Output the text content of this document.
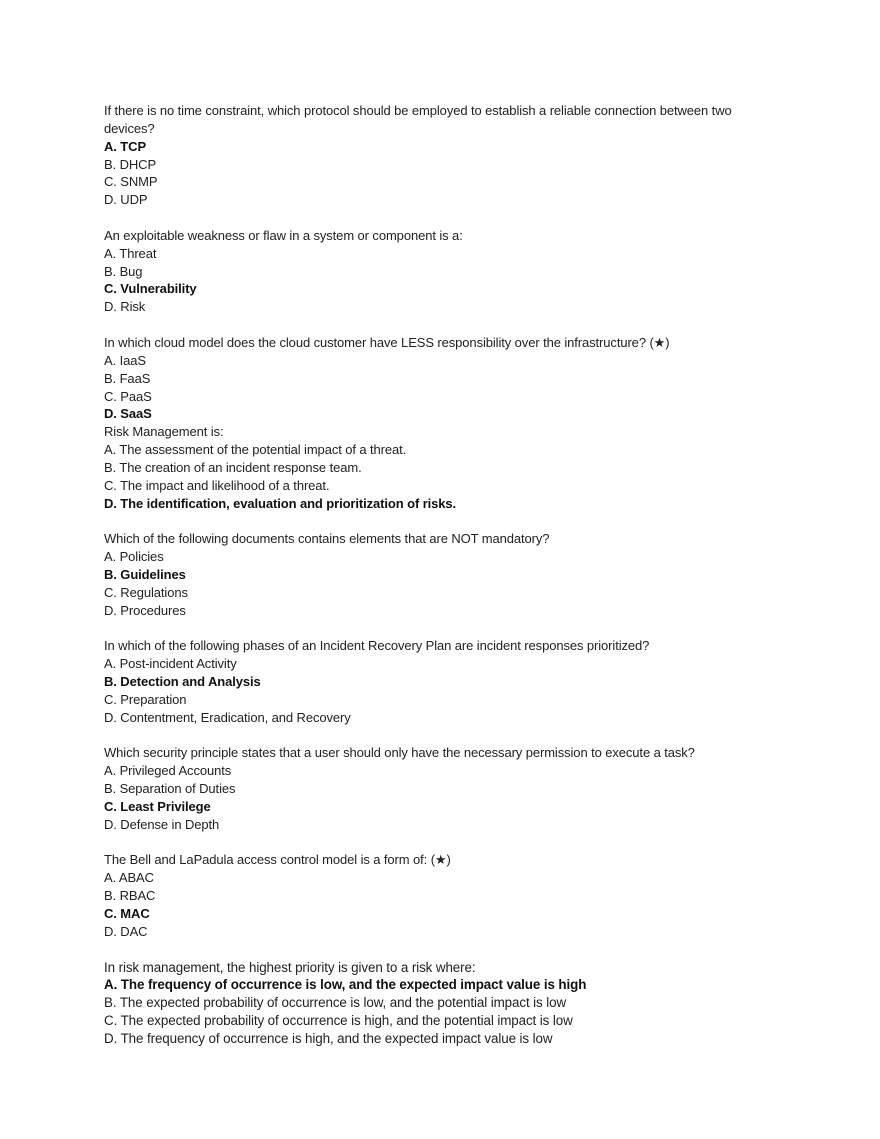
If there is no time constraint, which protocol should be employed to establish a reliable connection between two devices?
A. TCP
B. DHCP
C. SNMP
D. UDP
An exploitable weakness or flaw in a system or component is a:
A. Threat
B. Bug
C. Vulnerability
D. Risk
In which cloud model does the cloud customer have LESS responsibility over the infrastructure? (★)
A. IaaS
B. FaaS
C. PaaS
D. SaaS
Risk Management is:
A. The assessment of the potential impact of a threat.
B. The creation of an incident response team.
C. The impact and likelihood of a threat.
D. The identification, evaluation and prioritization of risks.
Which of the following documents contains elements that are NOT mandatory?
A. Policies
B. Guidelines
C. Regulations
D. Procedures
In which of the following phases of an Incident Recovery Plan are incident responses prioritized?
A. Post-incident Activity
B. Detection and Analysis
C. Preparation
D. Contentment, Eradication, and Recovery
Which security principle states that a user should only have the necessary permission to execute a task?
A. Privileged Accounts
B. Separation of Duties
C. Least Privilege
D. Defense in Depth
The Bell and LaPadula access control model is a form of: (★)
A. ABAC
B. RBAC
C. MAC
D. DAC
In risk management, the highest priority is given to a risk where:
A. The frequency of occurrence is low, and the expected impact value is high
B. The expected probability of occurrence is low, and the potential impact is low
C. The expected probability of occurrence is high, and the potential impact is low
D. The frequency of occurrence is high, and the expected impact value is low
